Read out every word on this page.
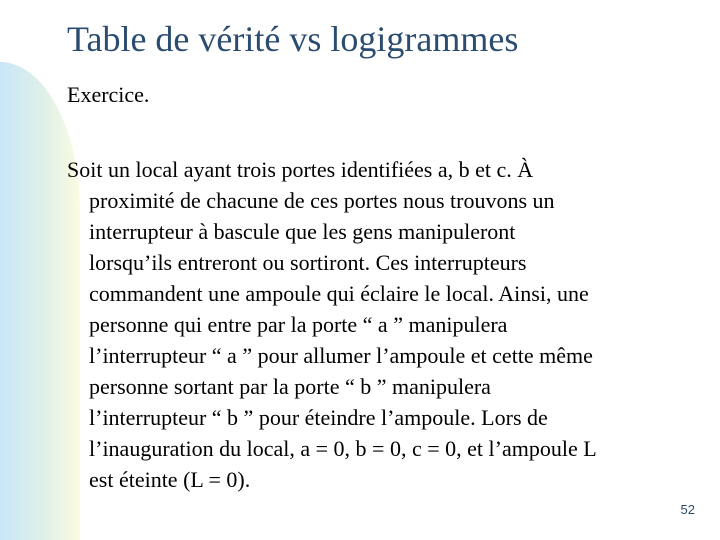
Table de vérité vs logigrammes
Exercice.
Soit un local ayant trois portes identifiées a, b et c. À
proximité de chacune de ces portes nous trouvons un
interrupteur à bascule que les gens manipuleront
lorsqu’ils entreront ou sortiront. Ces interrupteurs
commandent une ampoule qui éclaire le local. Ainsi, une
personne qui entre par la porte “ a ” manipulera
l’interrupteur “ a ” pour allumer l’ampoule et cette même
personne sortant par la porte “ b ” manipulera
l’interrupteur “ b ” pour éteindre l’ampoule. Lors de
l’inauguration du local, a = 0, b = 0, c = 0, et l’ampoule L
est éteinte (L = 0).
52
